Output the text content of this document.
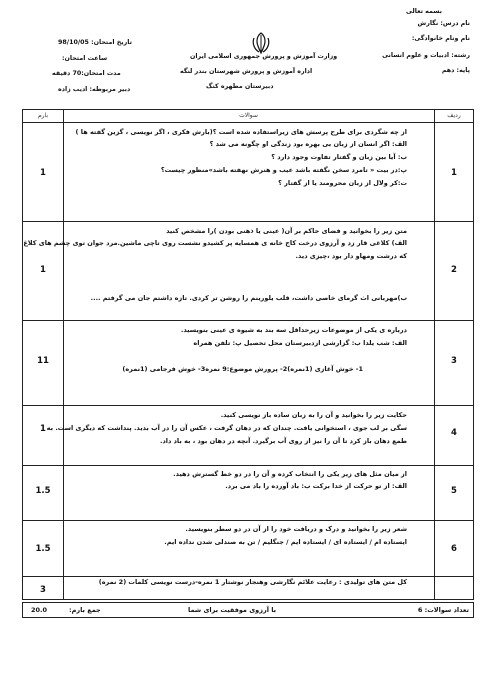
بسمه تعالی
نام درس: نگارش
نام ونام خانوادگی:
رشته: ادبیات و علوم انسانی
پایه: دهم
وزارت آموزش و پرورش جمهوری اسلامی ایران
اداره آموزش و پرورش شهرستان بندر لنگه
دبیرستان مطهره کنگ
تاریخ امتحان: 98/10/05
ساعت امتحان:
مدت امتحان:70 دقیقه
دبیر مربوطه: ادیب زاده
ردیف
سوالات
بارم
1
1
از چه شگردی برای طرح پرسش های زیراستفاده شده است ؟(بارش فکری ، اگر نویسی ، گزین گفته ها )
الف: اگر انسان از زبان بی بهره بود زندگی او چگونه می شد ؟
ب: آیا بین زبان و گفتار تفاوت وجود دارد ؟
پ:در بیت « تامرد سخن نگفته باشد عیب و هنرش نهفته باشد»منظور چیست؟
ت:کر ولال از زبان محرومند یا از گفتار ؟
2
1
متن زیر را بخوانید و فضای حاکم بر آن( عینی یا ذهنی بودن )را مشخص کنید
الف) کلاغی قار زد و آرزوی درخت کاج خانه ی همسایه پر کشیدو نشست روی تاچی ماشین.مرد جوان توی چشم های کلاغ
که درشت ومهاو دار بود ،چیزی دید.
ب)مهربانی اث گرمای خاصی داشت، قلب یلورینم را روشن تر کردی. تازه داشتم جان می گرفتم ....
3
11
درباره ی یکی از موضوعات زیرحداقل سه بند به شیوه ی عینی بنویسید.
الف: شب یلدا ب: گزارشی ازدبیرستان محل تحصیل پ: تلفن همراه
1- خوش آغازی (1نمره)2- پرورش موضوع:9 نمره3- خوش فرجامی (1نمره)
4
1
حکایت زیر را بخوانید و آن را به زبان ساده باز نویسی کنید.
سگی بر لب جوی ، استخوانی یافت. چندان که در دهان گرفت ، عکس آن را در آب بدید. پنداشت که دیگری است. به
طمع دهان باز کرد تا آن را نیز از روی آب برگیرد. آنچه در دهان بود ، به باد داد.
5
1.5
از میان مثل های زیر یکی را انتخاب کرده و آن را در دو خط گسترش دهید.
الف: از تو حرکت از خدا برکت ب: باد آورده را باد می برد.
6
1.5
شعر زیر را بخوانید و درک و دریافت خود را از آن در دو سطر بنویسید.
ایستاده ام / ایستاده ای / ایستاده ایم / جنگلیم / تن به صندلی شدن نداده ایم.
3
کل متن های تولیدی : رعایت علائم نگارشی وهنجار نوشتار 1 نمره-درست نویسی کلمات (2 نمره)
تعداد سوالات: 6
با آرزوی موفقیت برای شما
جمع بارم:
20.0
